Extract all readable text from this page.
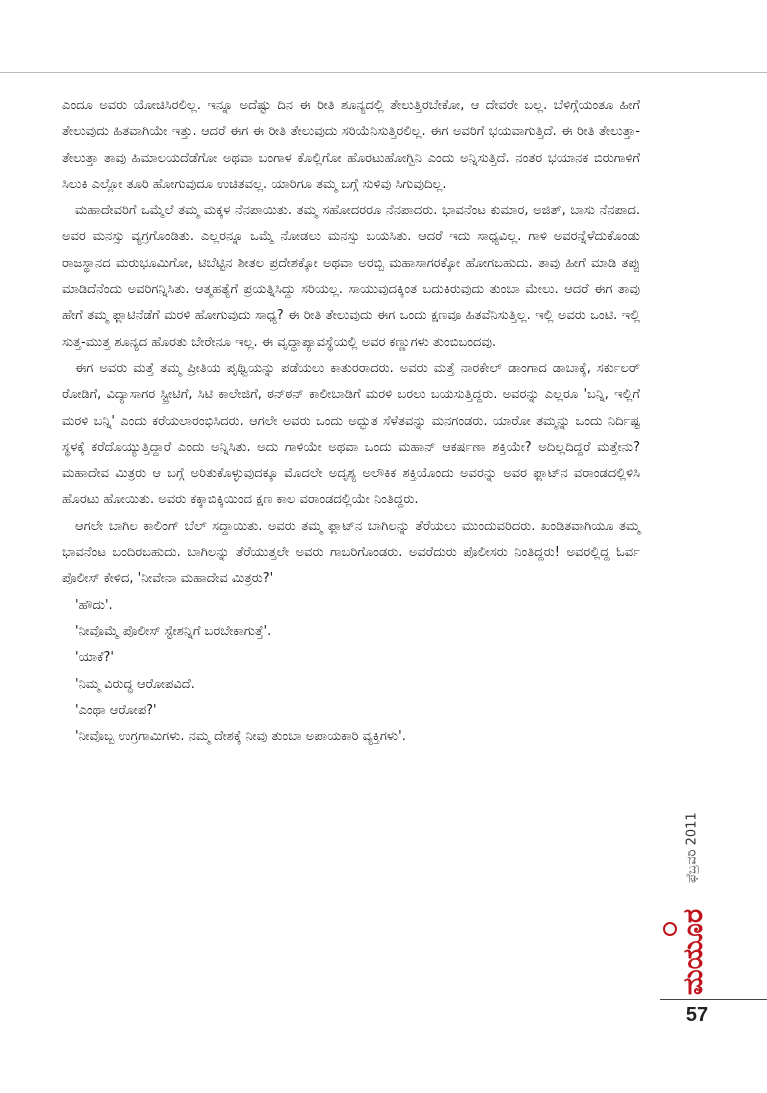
ಎಂದೂ ಅವರು ಯೋಚಿಸಿರಲಿಲ್ಲ. ಇನ್ನೂ ಅದೆಷ್ಟು ದಿನ ಈ ರೀತಿ ಶೂನ್ಯದಲ್ಲಿ ತೇಲುತ್ತಿರಬೇಕೋ, ಆ ದೇವರೇ ಬಲ್ಲ. ಬೆಳಿಗ್ಗೆಯಂತೂ ಹೀಗೆ ತೇಲುವುದು ಹಿತವಾಗಿಯೇ ಇತ್ತು. ಆದರೆ ಈಗ ಈ ರೀತಿ ತೇಲುವುದು ಸರಿಯೆನಿಸುತ್ತಿರಲಿಲ್ಲ. ಈಗ ಅವರಿಗೆ ಭಯವಾಗುತ್ತಿದೆ. ಈ ರೀತಿ ತೇಲುತ್ತಾ-ತೇಲುತ್ತಾ ತಾವು ಹಿಮಾಲಯದೆಡೆಗೋ ಅಥವಾ ಬಂಗಾಳ ಕೊಲ್ಲಿಗೋ ಹೊರಟುಹೋಗ್ಬಿನಿ ಎಂದು ಅನ್ನಿಸುತ್ತಿದೆ. ನಂತರ ಭಯಾನಕ ಬಿರುಗಾಳಿಗೆ ಸಿಲುಕಿ ಎಲ್ಲೋ ತೂರಿ ಹೋಗುವುದೂ ಉಚಿತವಲ್ಲ. ಯಾರಿಗೂ ತಮ್ಮ ಬಗ್ಗೆ ಸುಳಿವು ಸಿಗುವುದಿಲ್ಲ.

ಮಹಾದೇವರಿಗೆ ಒಮ್ಮೆಲೆ ತಮ್ಮ ಮಕ್ಕಳ ನೆನಪಾಯಿತು. ತಮ್ಮ ಸಹೋದರರೂ ನೆನಪಾದರು. ಭಾವನೆಂಟ ಕುಮಾರ, ಅಜಿತ್, ಬಾಸು ನೆನಪಾದ. ಅವರ ಮನಸ್ಸು ವ್ಯಗ್ರಗೊಂಡಿತು. ಎಲ್ಲರನ್ನೂ ಒಮ್ಮೆ ನೋಡಲು ಮನಸ್ಸು ಬಯಸಿತು. ಆದರೆ ಇದು ಸಾಧ್ಯವಿಲ್ಲ. ಗಾಳಿ ಅವರನ್ನೆಳೆದುಕೊಂಡು ರಾಜಸ್ಥಾನದ ಮರುಭೂಮಿಗೋ, ಟಿಬೆಟ್ಟಿನ ಶೀತಲ ಪ್ರದೇಶಕ್ಕೋ ಅಥವಾ ಅರಬ್ಬಿ ಮಹಾಸಾಗರಕ್ಕೋ ಹೋಗಬಹುದು. ತಾವು ಹೀಗೆ ಮಾಡಿ ತಪ್ಪು ಮಾಡಿದೆನೆಂದು ಅವರಿಗನ್ನಿಸಿತು. ಆತ್ಮಹತ್ಯೆಗೆ ಪ್ರಯತ್ನಿಸಿದ್ದು ಸರಿಯಲ್ಲ. ಸಾಯುವುದಕ್ಕಿಂತ ಬದುಕಿರುವುದು ತುಂಬಾ ಮೇಲು. ಆದರೆ ಈಗ ತಾವು ಹೇಗೆ ತಮ್ಮ ಫ್ಲಾಟಿನೆಡೆಗೆ ಮರಳಿ ಹೋಗುವುದು ಸಾಧ್ಯ? ಈ ರೀತಿ ತೇಲುವುದು ಈಗ ಒಂದು ಕ್ಷಣವೂ ಹಿತವೆನಿಸುತ್ತಿಲ್ಲ. ಇಲ್ಲಿ ಅವರು ಒಂಟಿ. ಇಲ್ಲಿ ಸುತ್ತ-ಮುತ್ತ ಶೂನ್ಯದ ಹೊರತು ಬೇರೇನೂ ಇಲ್ಲ. ಈ ವೃದ್ಧಾಪ್ಯಾವಸ್ಥೆಯಲ್ಲಿ ಅವರ ಕಣ್ಣುಗಳು ತುಂಬಿಬಂದವು.

ಈಗ ಅವರು ಮತ್ತೆ ತಮ್ಮ ಪ್ರೀತಿಯ ಪೃಥ್ವಿಯನ್ನು ಪಡೆಯಲು ಕಾತುರರಾದರು. ಅವರು ಮತ್ತೆ ನಾರಕೇಲ್ ಡಾಂಗಾದ ಡಾಬಾಕ್ಕೆ, ಸರ್ಕುಲರ್ ರೋಡಿಗೆ, ವಿದ್ಯಾಸಾಗರ ಸ್ಟ್ರೀಟಿಗೆ, ಸಿಟಿ ಕಾಲೇಜಿಗೆ, ಠನ್‌ಠನ್ ಕಾಲೀಬಾಡಿಗೆ ಮರಳಿ ಬರಲು ಬಯಸುತ್ತಿದ್ದರು. ಅವರನ್ನು ಎಲ್ಲರೂ 'ಬನ್ನಿ, ಇಲ್ಲಿಗೆ ಮರಳಿ ಬನ್ನಿ' ಎಂದು ಕರೆಯಲಾರಂಭಿಸಿದರು. ಆಗಲೇ ಅವರು ಒಂದು ಅದ್ಭುತ ಸೆಳೆತವನ್ನು ಮನಗಂಡರು. ಯಾರೋ ತಮ್ಮನ್ನು ಒಂದು ನಿರ್ದಿಷ್ಟ ಸ್ಥಳಕ್ಕೆ ಕರೆದೊಯ್ಯುತ್ತಿದ್ದಾರೆ ಎಂದು ಅನ್ನಿಸಿತು. ಅದು ಗಾಳಿಯೇ ಅಥವಾ ಒಂದು ಮಹಾನ್ ಆಕರ್ಷಣಾ ಶಕ್ತಿಯೇ? ಅದಿಲ್ಲದಿದ್ದರೆ ಮತ್ತೇನು? ಮಹಾದೇವ ಮಿತ್ರರು ಆ ಬಗ್ಗೆ ಅರಿತುಕೊಳ್ಳುವುದಕ್ಕೂ ಮೊದಲೇ ಅದೃಶ್ಯ ಅಲೌಕಿಕ ಶಕ್ತಿಯೊಂದು ಅವರನ್ನು ಅವರ ಫ್ಲಾಟ್‌ನ ವರಾಂಡದಲ್ಲಿಳಿಸಿ ಹೊರಟು ಹೋಯಿತು. ಅವರು ಕಕ್ಕಾಬಿಕ್ಕಿಯಿಂದ ಕ್ಷಣ ಕಾಲ ವರಾಂಡದಲ್ಲಿಯೇ ನಿಂತಿದ್ದರು.

ಆಗಲೇ ಬಾಗಿಲ ಕಾಲಿಂಗ್ ಬೆಲ್ ಸದ್ದಾಯಿತು. ಅವರು ತಮ್ಮ ಫ್ಲಾಟ್‌ನ ಬಾಗಿಲನ್ನು ತೆರೆಯಲು ಮುಂದುವರಿದರು. ಖಂಡಿತವಾಗಿಯೂ ತಮ್ಮ ಭಾವನೆಂಟ ಬಂದಿರಬಹುದು. ಬಾಗಿಲನ್ನು ತೆರೆಯುತ್ತಲೇ ಅವರು ಗಾಬರಿಗೊಂಡರು. ಅವರೆದುರು ಪೊಲೀಸರು ನಿಂತಿದ್ದರು! ಅವರಲ್ಲಿದ್ದ ಓರ್ವ ಪೊಲೀಸ್ ಕೇಳಿದ, 'ನೀವೇನಾ ಮಹಾದೇವ ಮಿತ್ರರು?'

'ಹೌದು'.

'ನೀವೊಮ್ಮೆ ಪೊಲೀಸ್ ಸ್ಟೇಶನ್ನಿಗೆ ಬರಬೇಕಾಗುತ್ತೆ'.

'ಯಾಕೆ?'

'ನಿಮ್ಮ ವಿರುದ್ಧ ಆರೋಪವಿದೆ.

'ಎಂಥಾ ಆರೋಪ?'

'ನೀವೊಬ್ಬ ಉಗ್ರಗಾಮಿಗಳು. ನಮ್ಮ ದೇಶಕ್ಕೆ ನೀವು ತುಂಬಾ ಅಪಾಯಕಾರಿ ವ್ಯಕ್ತಿಗಳು'.

ಫೆಬ್ರವರಿ 2011
ಮಯೂರ
57
